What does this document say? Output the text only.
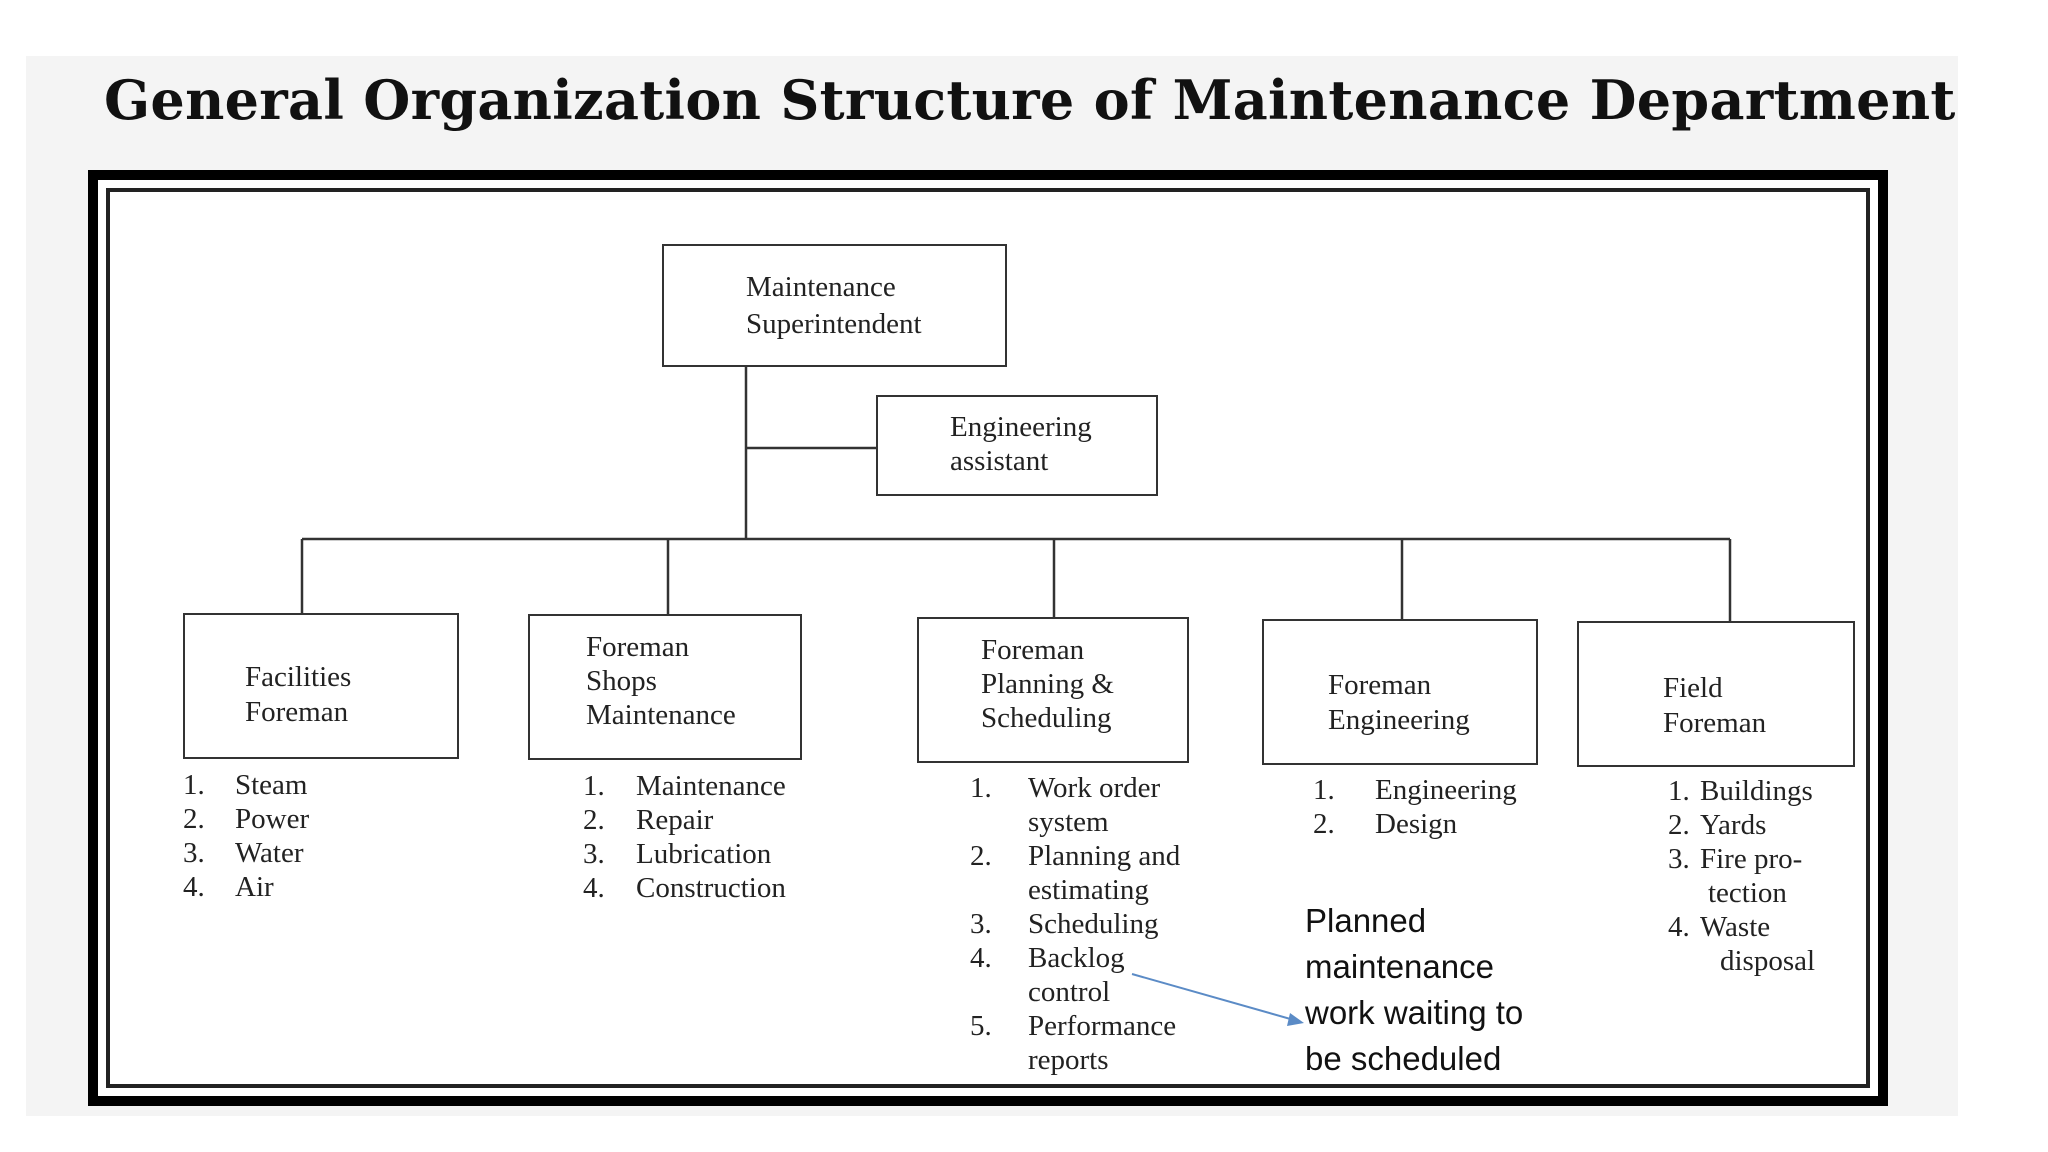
General Organization Structure of Maintenance Department
Maintenance
Superintendent
Engineering
assistant
Facilities
Foreman
Foreman
Shops
Maintenance
Foreman
Planning &
Scheduling
Foreman
Engineering
Field
Foreman
1.	Steam
2.	Power
3.	Water
4.	Air
1.	Maintenance
2.	Repair
3.	Lubrication
4.	Construction
1.	Work order
system
2.	Planning and
estimating
3.	Scheduling
4.	Backlog
control
5.	Performance
reports
1.	Engineering
2.	Design
1. Buildings
2. Yards
3. Fire pro-
tection
4. Waste
disposal
Planned
maintenance
work waiting to
be scheduled
